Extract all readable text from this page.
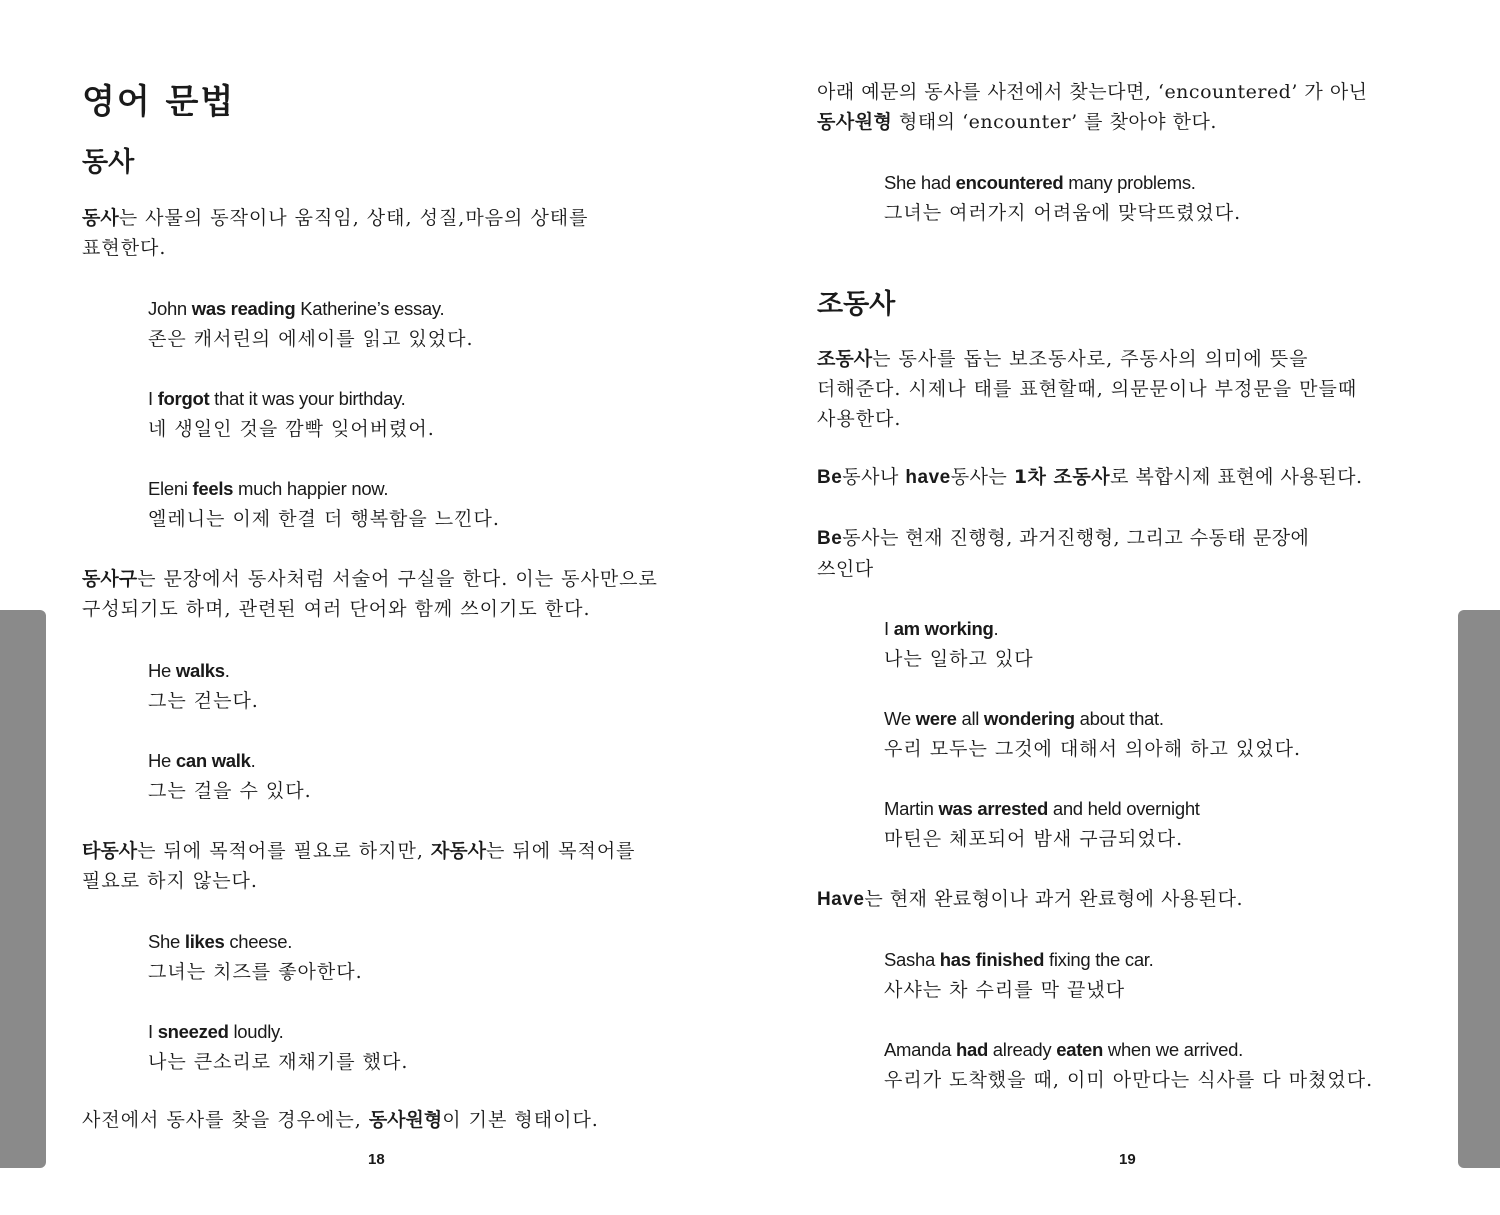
영어 문법
동사
동사는 사물의 동작이나 움직임, 상태, 성질,마음의 상태를
표현한다.
John was reading Katherine’s essay.
존은 캐서린의 에세이를 읽고 있었다.
I forgot that it was your birthday.
네 생일인 것을 깜빡 잊어버렸어.
Eleni feels much happier now.
엘레니는 이제 한결 더 행복함을 느낀다.
동사구는 문장에서 동사처럼 서술어 구실을 한다. 이는 동사만으로
구성되기도 하며, 관련된 여러 단어와 함께 쓰이기도 한다.
He walks.
그는 걷는다.
He can walk.
그는 걸을 수 있다.
타동사는 뒤에 목적어를 필요로 하지만, 자동사는 뒤에 목적어를
필요로 하지 않는다.
She likes cheese.
그녀는 치즈를 좋아한다.
I sneezed loudly.
나는 큰소리로 재채기를 했다.
사전에서 동사를 찾을 경우에는, 동사원형이 기본 형태이다.
18
아래 예문의 동사를 사전에서 찾는다면, ‘encountered’ 가 아닌
동사원형 형태의 ‘encounter’ 를 찾아야 한다.
She had encountered many problems.
그녀는 여러가지 어려움에 맞닥뜨렸었다.
조동사
조동사는 동사를 돕는 보조동사로, 주동사의 의미에 뜻을
더해준다. 시제나 태를 표현할때, 의문문이나 부정문을 만들때
사용한다.
Be동사나 have동사는 1차 조동사로 복합시제 표현에 사용된다.
Be동사는 현재 진행형, 과거진행형, 그리고 수동태 문장에
쓰인다
I am working.
나는 일하고 있다
We were all wondering about that.
우리 모두는 그것에 대해서 의아해 하고 있었다.
Martin was arrested and held overnight
마틴은 체포되어 밤새 구금되었다.
Have는 현재 완료형이나 과거 완료형에 사용된다.
Sasha has finished fixing the car.
사샤는 차 수리를 막 끝냈다
Amanda had already eaten when we arrived.
우리가 도착했을 때, 이미 아만다는 식사를 다 마쳤었다.
19
